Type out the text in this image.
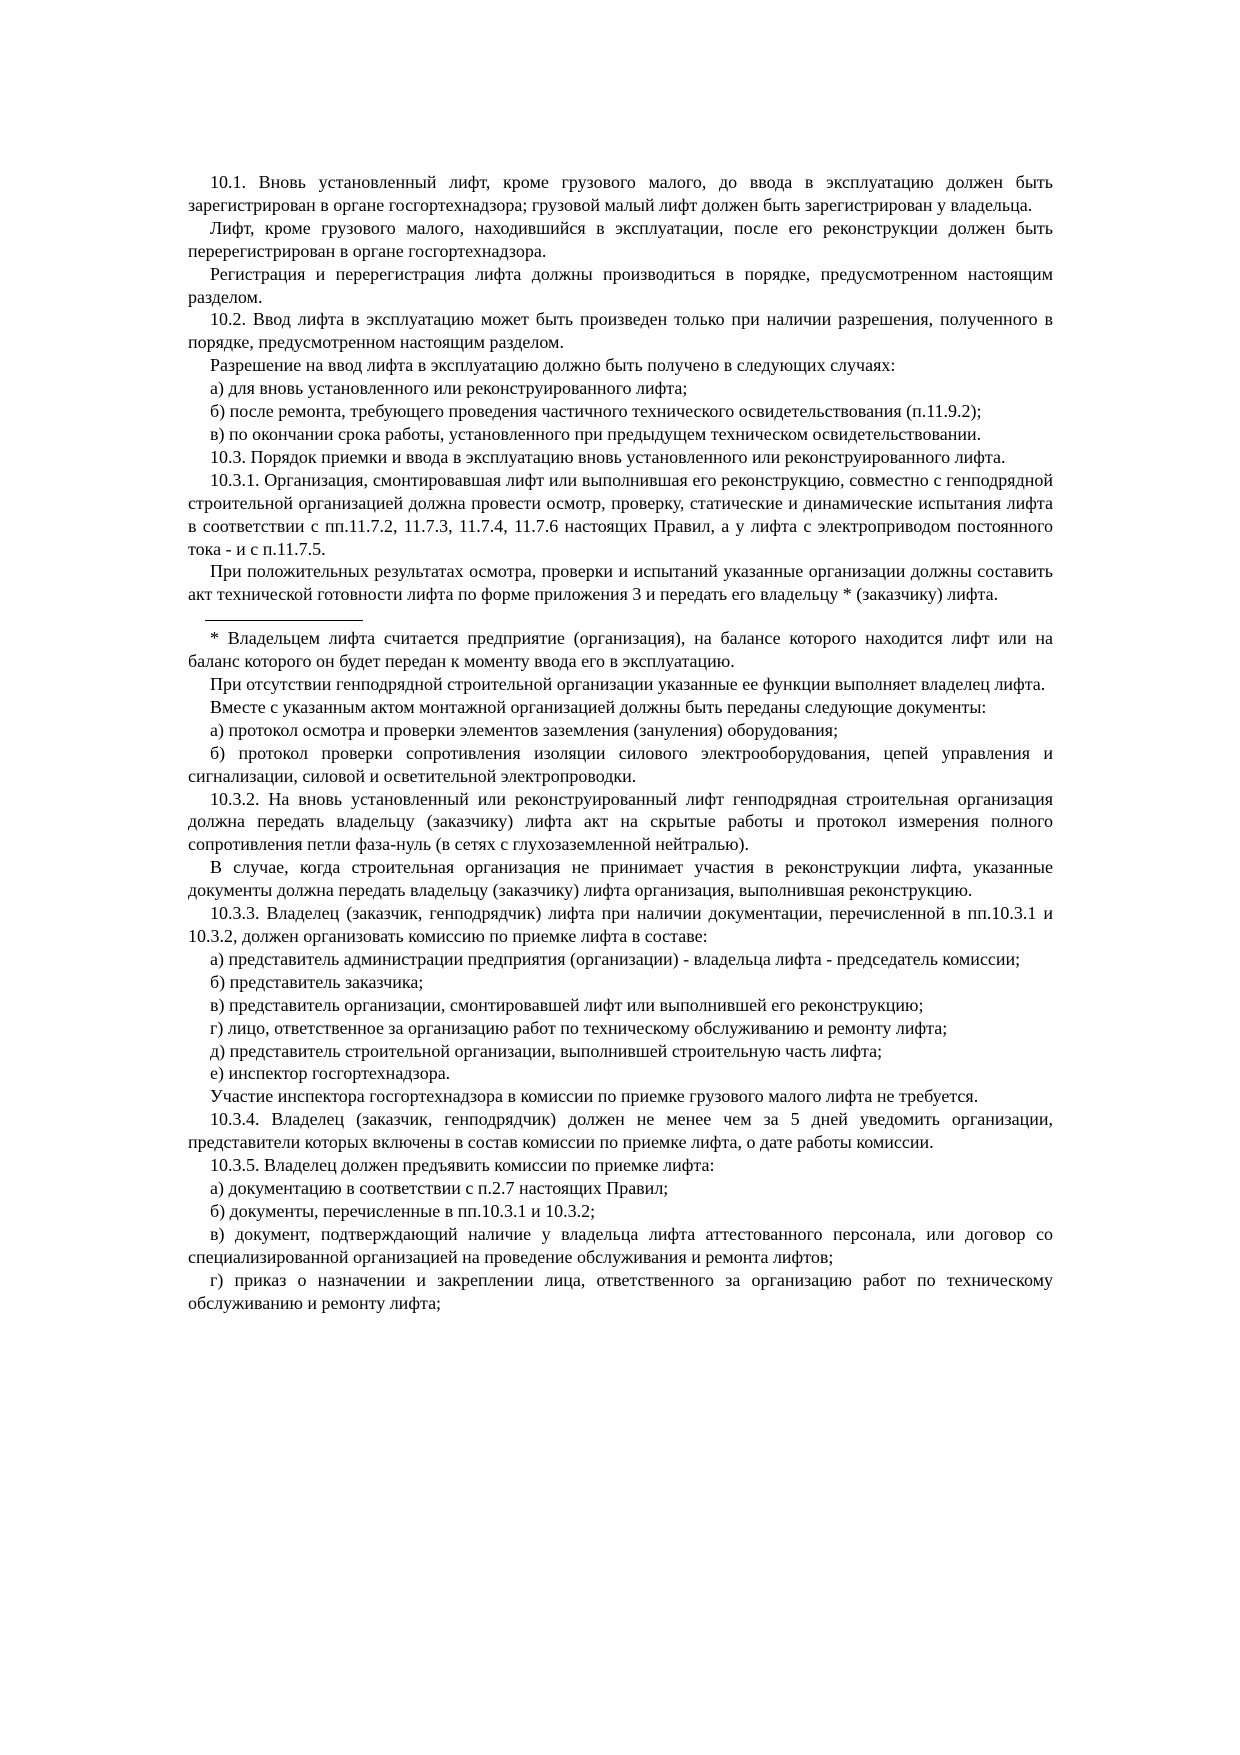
10.1. Вновь установленный лифт, кроме грузового малого, до ввода в эксплуатацию должен быть зарегистрирован в органе госгортехнадзора; грузовой малый лифт должен быть зарегистрирован у владельца.

Лифт, кроме грузового малого, находившийся в эксплуатации, после его реконструкции должен быть перерегистрирован в органе госгортехнадзора.

Регистрация и перерегистрация лифта должны производиться в порядке, предусмотренном настоящим разделом.

10.2. Ввод лифта в эксплуатацию может быть произведен только при наличии разрешения, полученного в порядке, предусмотренном настоящим разделом.

Разрешение на ввод лифта в эксплуатацию должно быть получено в следующих случаях:

а) для вновь установленного или реконструированного лифта;

б) после ремонта, требующего проведения частичного технического освидетельствования (п.11.9.2);

в) по окончании срока работы, установленного при предыдущем техническом освидетельствовании.

10.3. Порядок приемки и ввода в эксплуатацию вновь установленного или реконструированного лифта.

10.3.1. Организация, смонтировавшая лифт или выполнившая его реконструкцию, совместно с генподрядной строительной организацией должна провести осмотр, проверку, статические и динамические испытания лифта в соответствии с пп.11.7.2, 11.7.3, 11.7.4, 11.7.6 настоящих Правил, а у лифта с электроприводом постоянного тока - и с п.11.7.5.

При положительных результатах осмотра, проверки и испытаний указанные организации должны составить акт технической готовности лифта по форме приложения 3 и передать его владельцу * (заказчику) лифта.

* Владельцем лифта считается предприятие (организация), на балансе которого находится лифт или на баланс которого он будет передан к моменту ввода его в эксплуатацию.

При отсутствии генподрядной строительной организации указанные ее функции выполняет владелец лифта.

Вместе с указанным актом монтажной организацией должны быть переданы следующие документы:

а) протокол осмотра и проверки элементов заземления (зануления) оборудования;

б) протокол проверки сопротивления изоляции силового электрооборудования, цепей управления и сигнализации, силовой и осветительной электропроводки.

10.3.2. На вновь установленный или реконструированный лифт генподрядная строительная организация должна передать владельцу (заказчику) лифта акт на скрытые работы и протокол измерения полного сопротивления петли фаза-нуль (в сетях с глухозаземленной нейтралью).

В случае, когда строительная организация не принимает участия в реконструкции лифта, указанные документы должна передать владельцу (заказчику) лифта организация, выполнившая реконструкцию.

10.3.3. Владелец (заказчик, генподрядчик) лифта при наличии документации, перечисленной в пп.10.3.1 и 10.3.2, должен организовать комиссию по приемке лифта в составе:

а) представитель администрации предприятия (организации) - владельца лифта - председатель комиссии;

б) представитель заказчика;

в) представитель организации, смонтировавшей лифт или выполнившей его реконструкцию;

г) лицо, ответственное за организацию работ по техническому обслуживанию и ремонту лифта;

д) представитель строительной организации, выполнившей строительную часть лифта;

е) инспектор госгортехнадзора.

Участие инспектора госгортехнадзора в комиссии по приемке грузового малого лифта не требуется.

10.3.4. Владелец (заказчик, генподрядчик) должен не менее чем за 5 дней уведомить организации, представители которых включены в состав комиссии по приемке лифта, о дате работы комиссии.

10.3.5. Владелец должен предъявить комиссии по приемке лифта:

а) документацию в соответствии с п.2.7 настоящих Правил;

б) документы, перечисленные в пп.10.3.1 и 10.3.2;

в) документ, подтверждающий наличие у владельца лифта аттестованного персонала, или договор со специализированной организацией на проведение обслуживания и ремонта лифтов;

г) приказ о назначении и закреплении лица, ответственного за организацию работ по техническому обслуживанию и ремонту лифта;
